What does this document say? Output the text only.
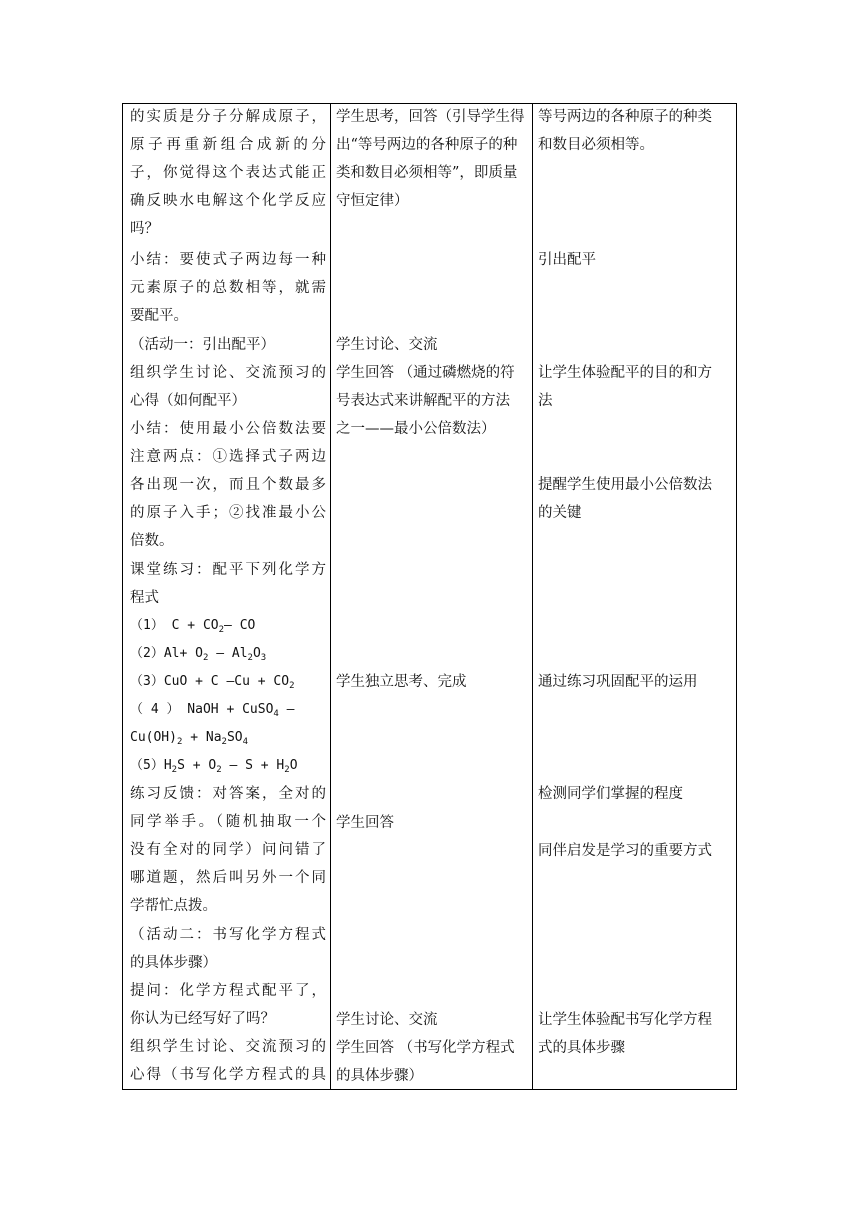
的实质是分子分解成原子，
原子再重新组合成新的分
子，你觉得这个表达式能正
确反映水电解这个化学反应
吗？
小结：要使式子两边每一种
元素原子的总数相等，就需
要配平。
（活动一：引出配平）
组织学生讨论、交流预习的
心得（如何配平）
小结：使用最小公倍数法要
注意两点：①选择式子两边
各出现一次，而且个数最多
的原子入手；②找准最小公
倍数。
课堂练习：配平下列化学方
程式
（1） $C + CO_2—$ CO
$(2)Al+ O_2$ — $Al_2O_3$
（3）CuO + C —Cu + $CO_2$
（ 4 ） NaOH + CuSO$_4$ —
$Cu(OH)_2 + Na_2SO_4$
$(5)H_2S + O_2$ — $S + H_2O$
练习反馈：对答案，全对的
同学举手。（随机抽取一个
没有全对的同学）问问错了
哪道题，然后叫另外一个同
学帮忙点拨。
（活动二：书写化学方程式
的具体步骤）
提问：化学方程式配平了，
你认为已经写好了吗？
组织学生讨论、交流预习的
心得（书写化学方程式的具
学生思考，回答（引导学生得
出“等号两边的各种原子的种
类和数目必须相等”，即质量
守恒定律）
学生讨论、交流
学生回答 （通过磷燃烧的符
号表达式来讲解配平的方法
之一——最小公倍数法）
学生独立思考、完成
学生回答
学生讨论、交流
学生回答 （书写化学方程式
的具体步骤）
等号两边的各种原子的种类
和数目必须相等。
引出配平
让学生体验配平的目的和方
法
提醒学生使用最小公倍数法
的关键
通过练习巩固配平的运用
检测同学们掌握的程度
同伴启发是学习的重要方式
让学生体验配书写化学方程
式的具体步骤
